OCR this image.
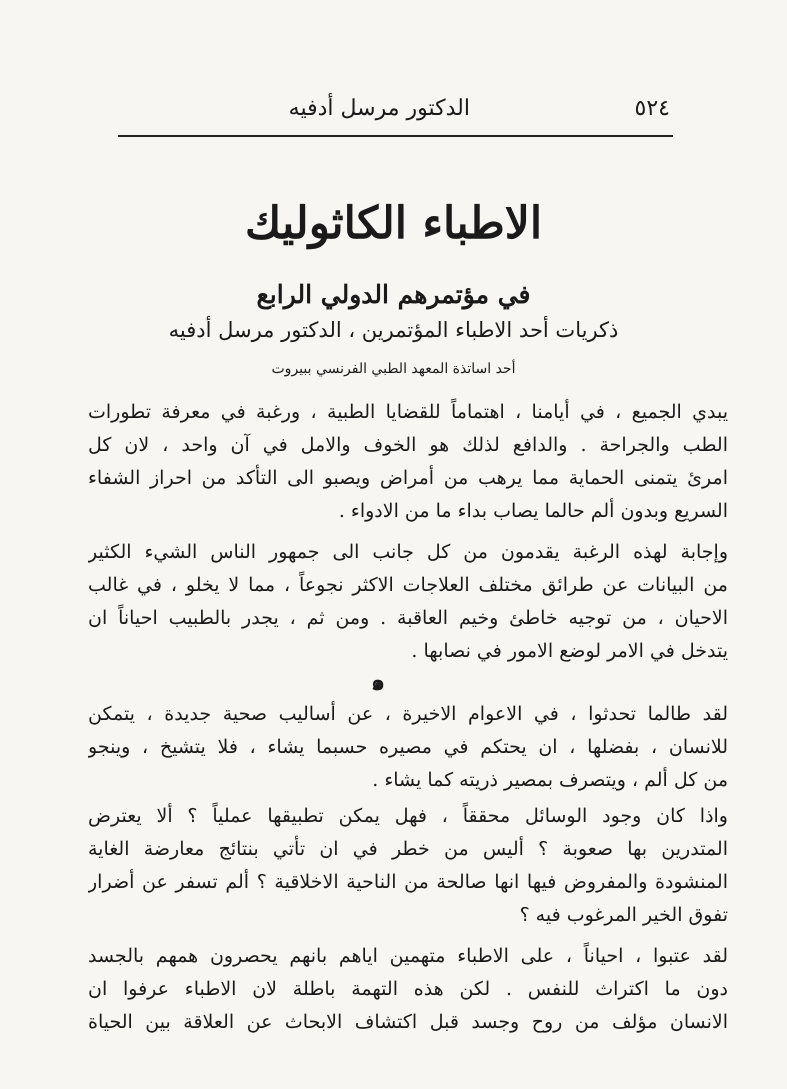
٥٢٤
الدكتور مرسل أدفيه
الاطباء الكاثوليك
في مؤتمرهم الدولي الرابع
ذكريات أحد الاطباء المؤتمرين ، الدكتور مرسل أدفيه
أحد اساتذة المعهد الطبي الفرنسي ببيروت
يبدي الجميع ، في أيامنا ، اهتماماً للقضايا الطبية ، ورغبة في معرفة تطورات
الطب والجراحة . والدافع لذلك هو الخوف والامل في آن واحد ، لان كل
امرئ يتمنى الحماية مما يرهب من أمراض ويصبو الى التأكد من احراز الشفاء
السريع وبدون ألم حالما يصاب بداء ما من الادواء .
وإجابة لهذه الرغبة يقدمون من كل جانب الى جمهور الناس الشيء الكثير
من البيانات عن طرائق مختلف العلاجات الاكثر نجوعاً ، مما لا يخلو ، في غالب
الاحيان ، من توجيه خاطئ وخيم العاقبة . ومن ثم ، يجدر بالطبيب احياناً ان
يتدخل في الامر لوضع الامور في نصابها .
๑
لقد طالما تحدثوا ، في الاعوام الاخيرة ، عن أساليب صحية جديدة ، يتمكن
للانسان ، بفضلها ، ان يحتكم في مصيره حسبما يشاء ، فلا يتشيخ ، وينجو
من كل ألم ، ويتصرف بمصير ذريته كما يشاء .
واذا كان وجود الوسائل محققاً ، فهل يمكن تطبيقها عملياً ؟ ألا يعترض
المتدرين بها صعوبة ؟ أليس من خطر في ان تأتي بنتائج معارضة الغاية
المنشودة والمفروض فيها انها صالحة من الناحية الاخلاقية ؟ ألم تسفر عن أضرار
تفوق الخير المرغوب فيه ؟
لقد عتبوا ، احياناً ، على الاطباء متهمين اياهم بانهم يحصرون همهم بالجسد
دون ما اكتراث للنفس . لكن هذه التهمة باطلة لان الاطباء عرفوا ان
الانسان مؤلف من روح وجسد قبل اكتشاف الابحاث عن العلاقة بين الحياة
